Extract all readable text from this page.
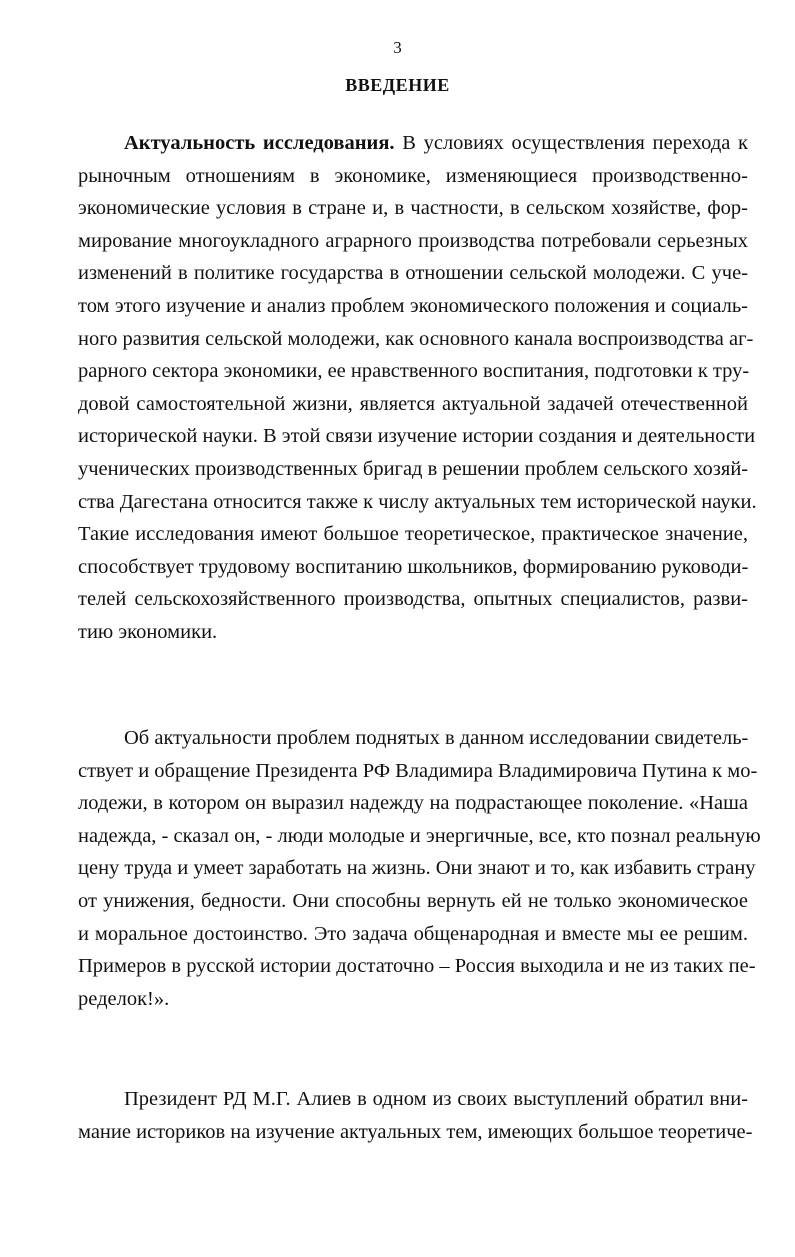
3
ВВЕДЕНИЕ
Актуальность исследования. В условиях осуществления перехода к
рыночным отношениям в экономике, изменяющиеся производственно-
экономические условия в стране и, в частности, в сельском хозяйстве, фор-
мирование многоукладного аграрного производства потребовали серьезных
изменений в политике государства в отношении сельской молодежи. С уче-
том этого изучение и анализ проблем экономического положения и социаль-
ного развития сельской молодежи, как основного канала воспроизводства аг-
рарного сектора экономики, ее нравственного воспитания, подготовки к тру-
довой самостоятельной жизни, является актуальной задачей отечественной
исторической науки. В этой связи изучение истории создания и деятельности
ученических производственных бригад в решении проблем сельского хозяй-
ства Дагестана относится также к числу актуальных тем исторической науки.
Такие исследования имеют большое теоретическое, практическое значение,
способствует трудовому воспитанию школьников, формированию руководи-
телей сельскохозяйственного производства, опытных специалистов, разви-
тию экономики.
Об актуальности проблем поднятых в данном исследовании свидетель-
ствует и обращение Президента РФ Владимира Владимировича Путина к мо-
лодежи, в котором он выразил надежду на подрастающее поколение. «Наша
надежда, - сказал он, - люди молодые и энергичные, все, кто познал реальную
цену труда и умеет заработать на жизнь. Они знают и то, как избавить страну
от унижения, бедности. Они способны вернуть ей не только экономическое
и моральное достоинство. Это задача общенародная и вместе мы ее решим.
Примеров в русской истории достаточно – Россия выходила и не из таких пе-
ределок!».
Президент РД М.Г. Алиев в одном из своих выступлений обратил вни-
мание историков на изучение актуальных тем, имеющих большое теоретиче-
